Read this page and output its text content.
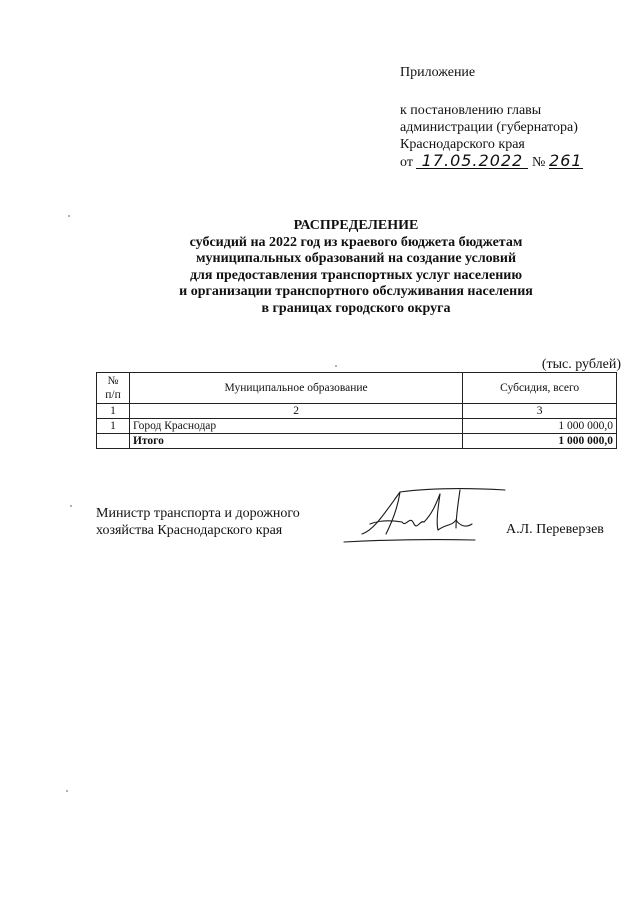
Приложение
к постановлению главы
администрации (губернатора)
Краснодарского края
от 17.05.2022 № 261
РАСПРЕДЕЛЕНИЕ
субсидий на 2022 год из краевого бюджета бюджетам
муниципальных образований на создание условий
для предоставления транспортных услуг населению
и организации транспортного обслуживания населения
в границах городского округа
(тыс. рублей)
№
п/п	Муниципальное образование	Субсидия, всего
1	2	3
1	Город Краснодар	1 000 000,0
	Итого	1 000 000,0
Министр транспорта и дорожного
хозяйства Краснодарского края	А.Л. Переверзев
